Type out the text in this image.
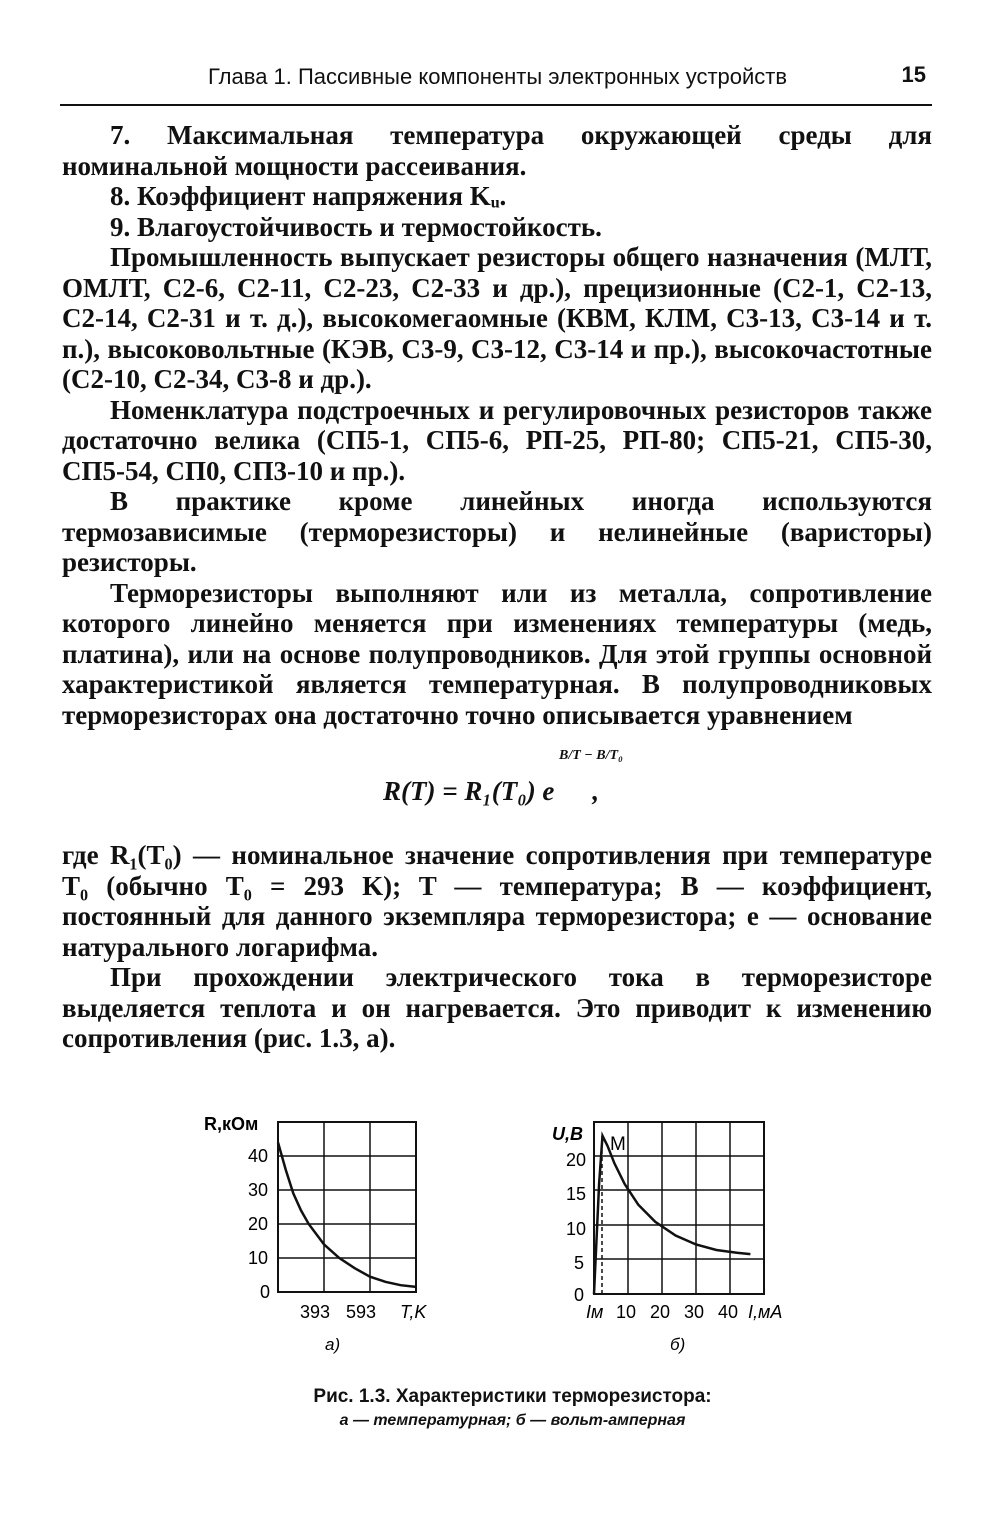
Глава 1. Пассивные компоненты электронных устройств	15

7. Максимальная температура окружающей среды для номинальной мощности рассеивания.

8. Коэффициент напряжения Kᵤ.

9. Влагоустойчивость и термостойкость.

Промышленность выпускает резисторы общего назначения (МЛТ, ОМЛТ, С2-6, С2-11, С2-23, С2-33 и др.), прецизионные (С2-1, С2-13, С2-14, С2-31 и т. д.), высокомегаомные (КВМ, КЛМ, С3-13, С3-14 и т. п.), высоковольтные (КЭВ, С3-9, С3-12, С3-14 и пр.), высокочастотные (С2-10, С2-34, С3-8 и др.).

Номенклатура подстроечных и регулировочных резисторов также достаточно велика (СП5-1, СП5-6, РП-25, РП-80; СП5-21, СП5-30, СП5-54, СП0, СП3-10 и пр.).

В практике кроме линейных иногда используются термозависимые (терморезисторы) и нелинейные (варисторы) резисторы.

Терморезисторы выполняют или из металла, сопротивление которого линейно меняется при изменениях температуры (медь, платина), или на основе полупроводников. Для этой группы основной характеристикой является температурная. В полупроводниковых терморезисторах она достаточно точно описывается уравнением

R(T) = R₁(T₀) e ,
B/T − B/T₀

где R₁(T₀) — номинальное значение сопротивления при температуре T₀ (обычно T₀ = 293 K); T — температура; B — коэффициент, постоянный для данного экземпляра терморезистора; e — основание натурального логарифма.

При прохождении электрического тока в терморезисторе выделяется теплота и он нагревается. Это приводит к изменению сопротивления (рис. 1.3, а).

R,кОм
40
30
20
10
0
393 593 T,K
а)
U,В М
20
15
10
5
0
Iм 10 20 30 40 I,мА
б)
Рис. 1.3. Характеристики терморезистора:
а — температурная; б — вольт-амперная
